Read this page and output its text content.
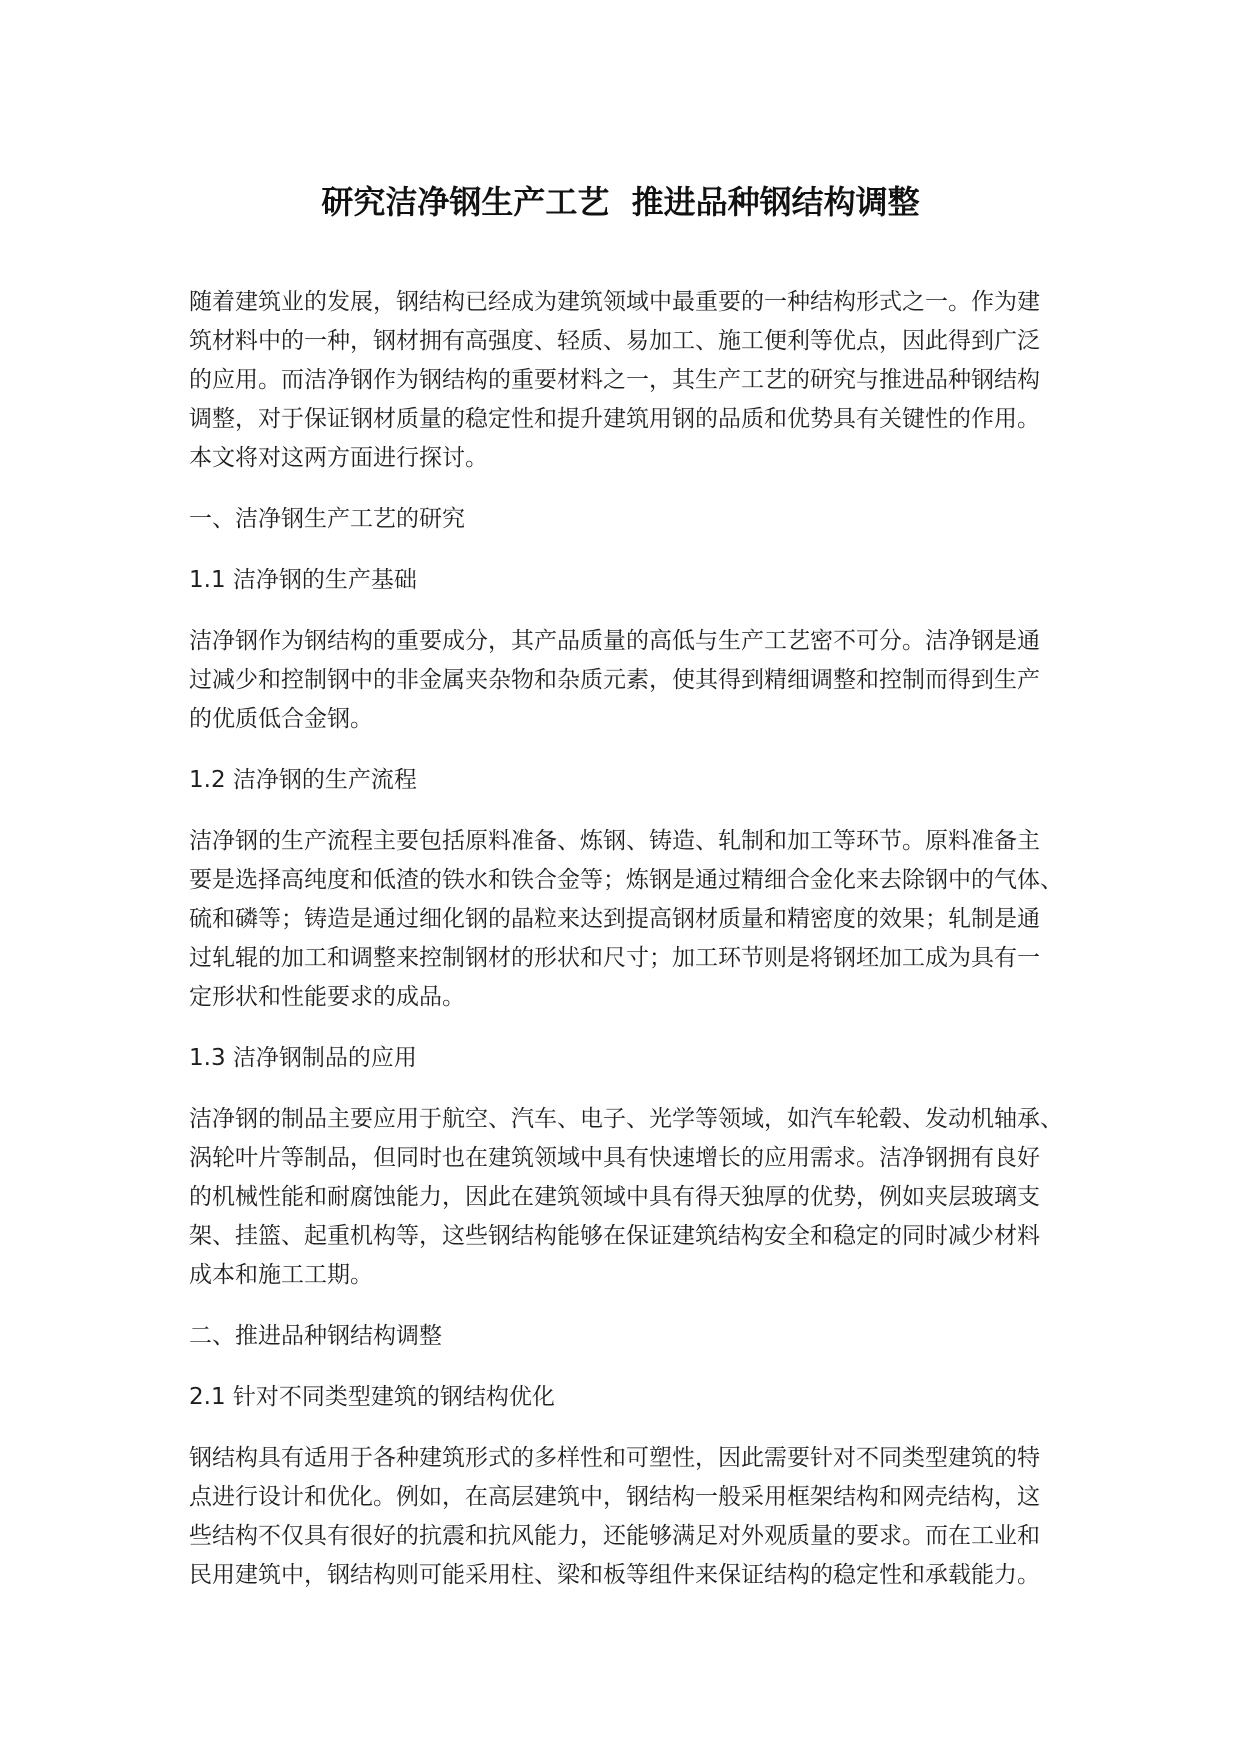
研究洁净钢生产工艺  推进品种钢结构调整
随着建筑业的发展，钢结构已经成为建筑领域中最重要的一种结构形式之一。作为建
筑材料中的一种，钢材拥有高强度、轻质、易加工、施工便利等优点，因此得到广泛
的应用。而洁净钢作为钢结构的重要材料之一，其生产工艺的研究与推进品种钢结构
调整，对于保证钢材质量的稳定性和提升建筑用钢的品质和优势具有关键性的作用。
本文将对这两方面进行探讨。
一、洁净钢生产工艺的研究
1.1 洁净钢的生产基础
洁净钢作为钢结构的重要成分，其产品质量的高低与生产工艺密不可分。洁净钢是通
过减少和控制钢中的非金属夹杂物和杂质元素，使其得到精细调整和控制而得到生产
的优质低合金钢。
1.2 洁净钢的生产流程
洁净钢的生产流程主要包括原料准备、炼钢、铸造、轧制和加工等环节。原料准备主
要是选择高纯度和低渣的铁水和铁合金等；炼钢是通过精细合金化来去除钢中的气体、
硫和磷等；铸造是通过细化钢的晶粒来达到提高钢材质量和精密度的效果；轧制是通
过轧辊的加工和调整来控制钢材的形状和尺寸；加工环节则是将钢坯加工成为具有一
定形状和性能要求的成品。
1.3 洁净钢制品的应用
洁净钢的制品主要应用于航空、汽车、电子、光学等领域，如汽车轮毂、发动机轴承、
涡轮叶片等制品，但同时也在建筑领域中具有快速增长的应用需求。洁净钢拥有良好
的机械性能和耐腐蚀能力，因此在建筑领域中具有得天独厚的优势，例如夹层玻璃支
架、挂篮、起重机构等，这些钢结构能够在保证建筑结构安全和稳定的同时减少材料
成本和施工工期。
二、推进品种钢结构调整
2.1 针对不同类型建筑的钢结构优化
钢结构具有适用于各种建筑形式的多样性和可塑性，因此需要针对不同类型建筑的特
点进行设计和优化。例如，在高层建筑中，钢结构一般采用框架结构和网壳结构，这
些结构不仅具有很好的抗震和抗风能力，还能够满足对外观质量的要求。而在工业和
民用建筑中，钢结构则可能采用柱、梁和板等组件来保证结构的稳定性和承载能力。
